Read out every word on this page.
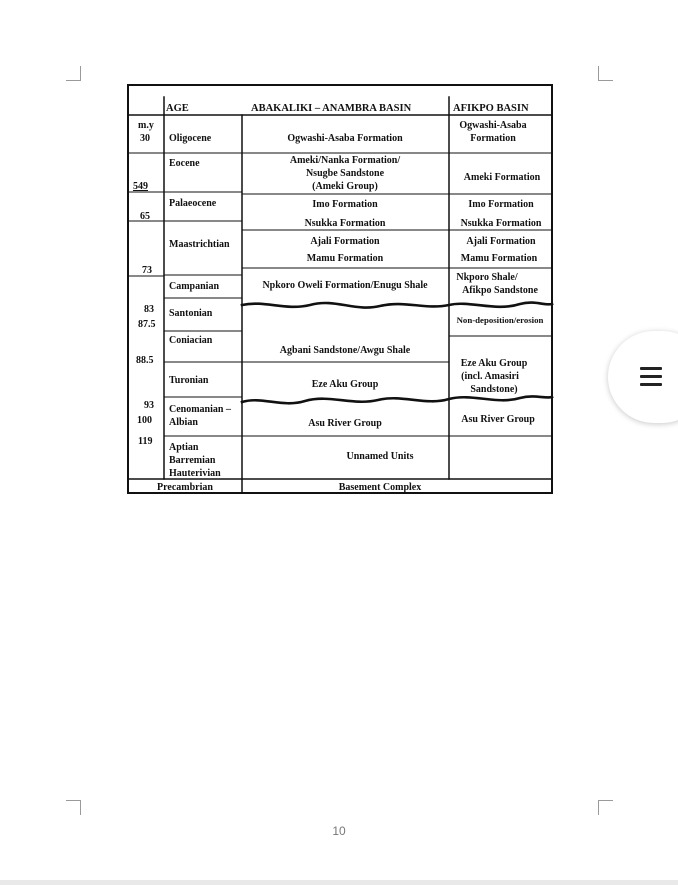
AGE	ABAKALIKI – ANAMBRA BASIN	AFIKPO BASIN
m.y
30
549
65
73
83
87.5
88.5
93
100
119
Oligocene
Eocene
Palaeocene
Maastrichtian
Campanian
Santonian
Coniacian
Turonian
Cenomanian –
Albian
Aptian
Barremian
Hauterivian
Precambrian
Ogwashi-Asaba Formation
Ameki/Nanka Formation/
Nsugbe Sandstone
(Ameki Group)
Imo Formation
Nsukka Formation
Ajali Formation
Mamu Formation
Npkoro Oweli Formation/Enugu Shale
Agbani Sandstone/Awgu Shale
Eze Aku Group
Asu River Group
Unnamed Units
Basement Complex
Ogwashi-Asaba
Formation
Ameki Formation
Imo Formation
Nsukka Formation
Ajali Formation
Mamu Formation
Nkporo Shale/
Afikpo Sandstone
Non-deposition/erosion
Eze Aku Group
(incl. Amasiri
Sandstone)
Asu River Group
10
